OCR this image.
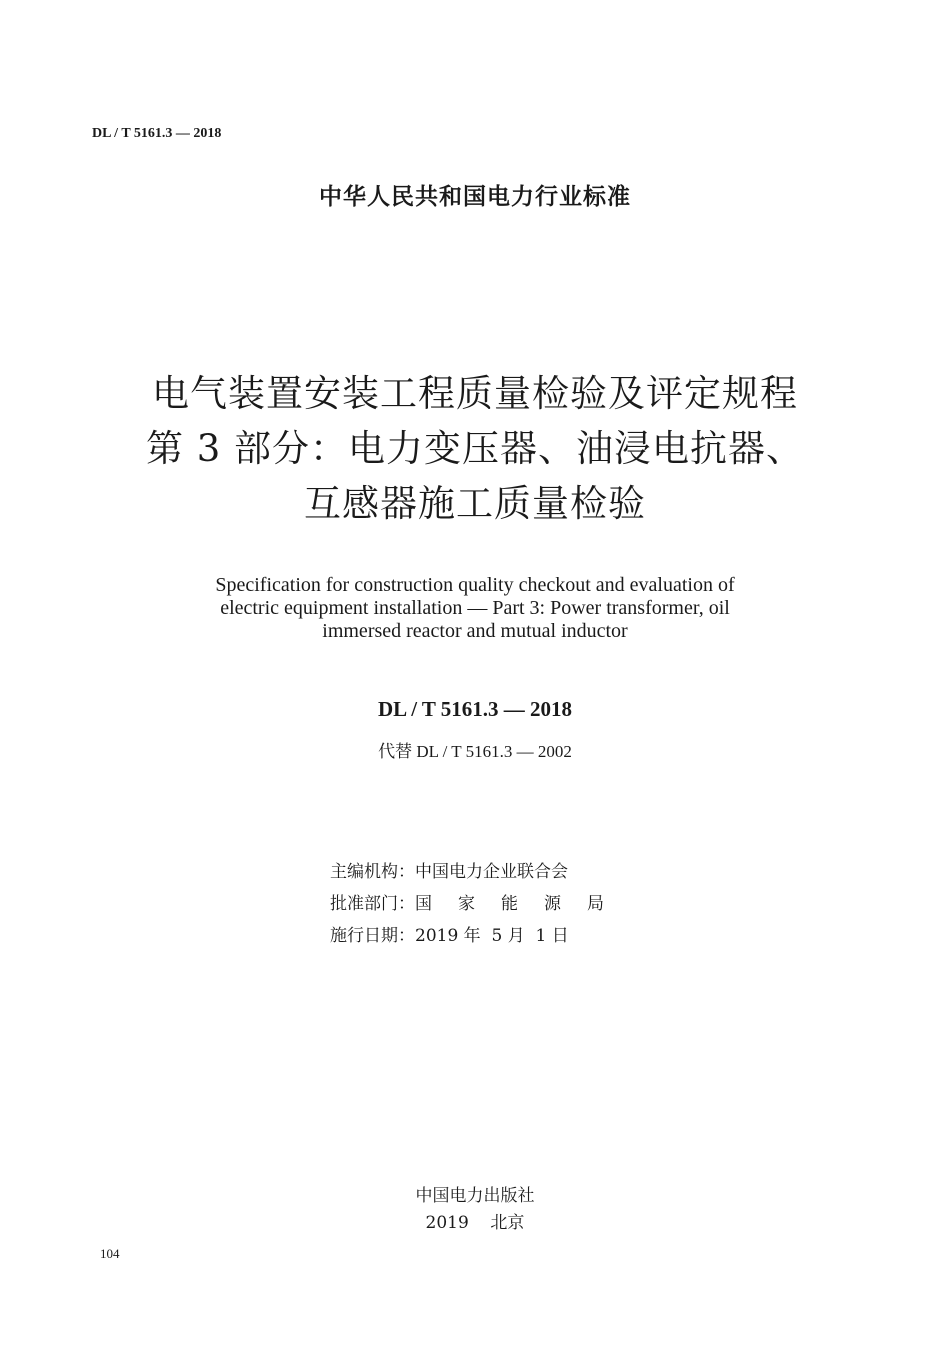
DL / T 5161.3 — 2018
中华人民共和国电力行业标准
电气装置安装工程质量检验及评定规程
第 3 部分：电力变压器、油浸电抗器、
互感器施工质量检验
Specification for construction quality checkout and evaluation of
electric equipment installation — Part 3: Power transformer, oil
immersed reactor and mutual inductor
DL / T 5161.3 — 2018
代替 DL / T 5161.3 — 2002
主编机构：中国电力企业联合会
批准部门：国 家 能 源 局
施行日期：2019 年  5 月  1 日
中国电力出版社
2019    北京
104
